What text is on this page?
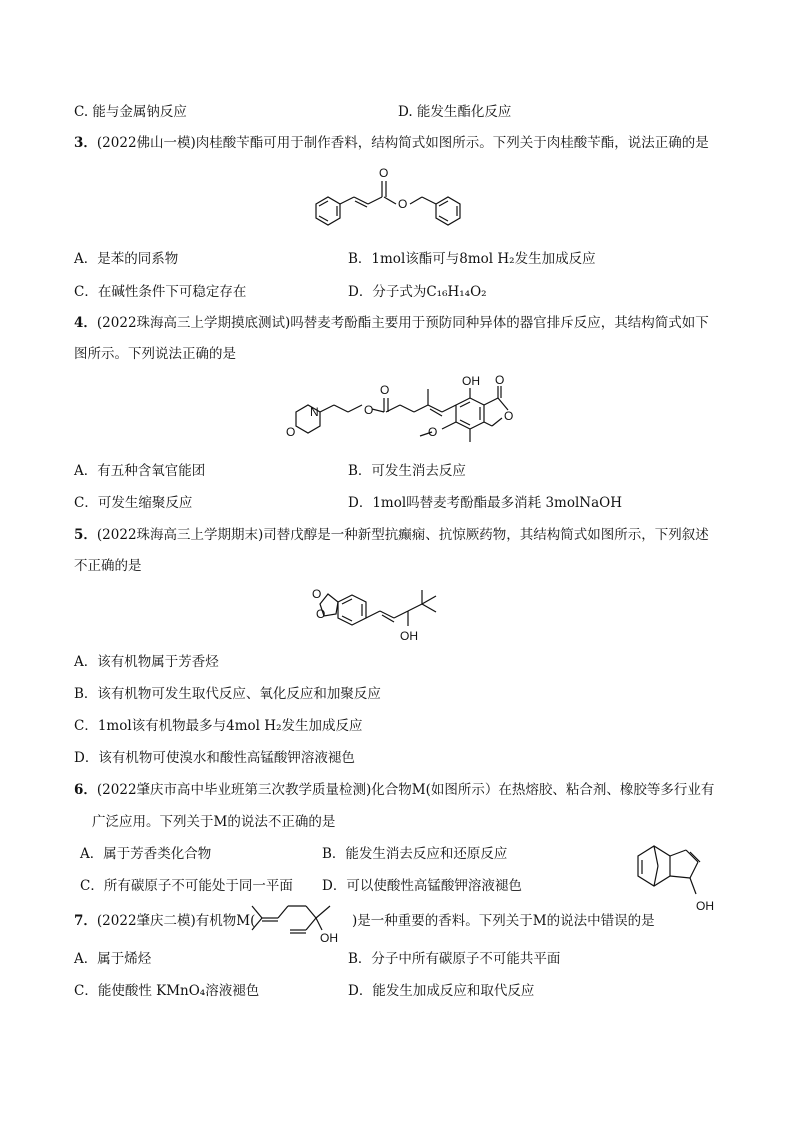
C. 能与金属钠反应	D. 能发生酯化反应
3．(2022佛山一模)肉桂酸苄酯可用于制作香料，结构简式如图所示。下列关于肉桂酸苄酯，说法正确的是
O
O
A．是苯的同系物	B．1mol该酯可与8mol H₂发生加成反应
C．在碱性条件下可稳定存在	D．分子式为C₁₆H₁₄O₂
4．(2022珠海高三上学期摸底测试)吗替麦考酚酯主要用于预防同种异体的器官排斥反应，其结构简式如下
图所示。下列说法正确的是
N
O
O
O
OH O
O
O
A．有五种含氧官能团	B．可发生消去反应
C．可发生缩聚反应	D．1mol吗替麦考酚酯最多消耗 3molNaOH
5．(2022珠海高三上学期期末)司替戊醇是一种新型抗癫痫、抗惊厥药物，其结构简式如图所示，下列叙述
不正确的是
O
O
OH
A．该有机物属于芳香烃
B．该有机物可发生取代反应、氧化反应和加聚反应
C．1mol该有机物最多与4mol H₂发生加成反应
D．该有机物可使溴水和酸性高锰酸钾溶液褪色
6．(2022肇庆市高中毕业班第三次教学质量检测)化合物M(如图所示）在热熔胶、粘合剂、橡胶等多行业有
广泛应用。下列关于M的说法不正确的是
A．属于芳香类化合物	B．能发生消去反应和还原反应
C．所有碳原子不可能处于同一平面 D．可以使酸性高锰酸钾溶液褪色
OH
7．(2022肇庆二模)有机物M(
OH
)是一种重要的香料。下列关于M的说法中错误的是
A．属于烯烃	B．分子中所有碳原子不可能共平面
C．能使酸性 KMnO₄溶液褪色	D．能发生加成反应和取代反应
